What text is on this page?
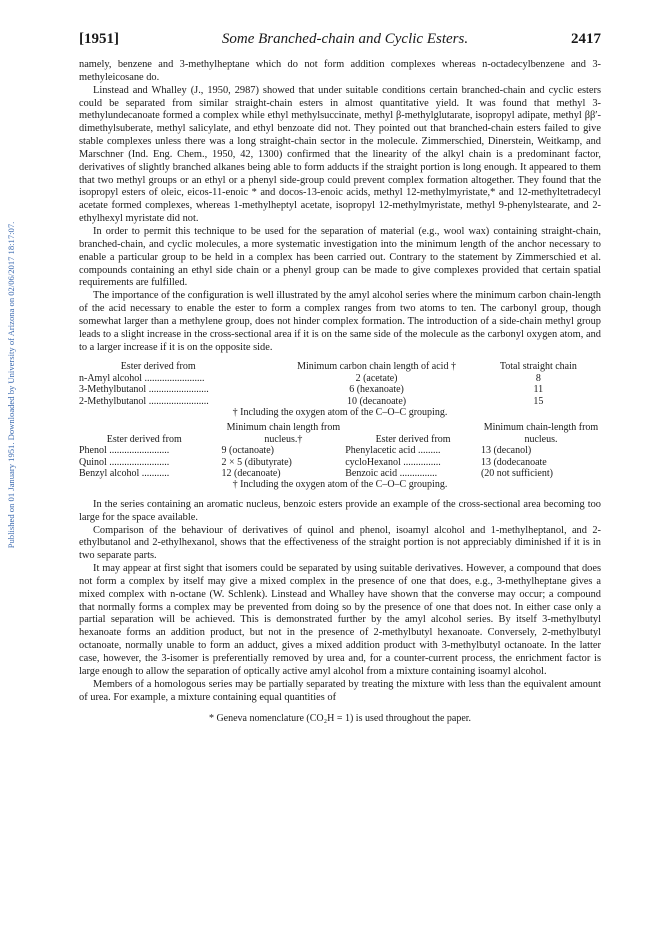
Published on 01 January 1951. Downloaded by University of Arizona on 02/06/2017 18:17:07.
[1951]	Some Branched-chain and Cyclic Esters.	2417

namely, benzene and 3-methylheptane which do not form addition complexes whereas n-octadecylbenzene and 3-methyleicosane do.

Linstead and Whalley (J., 1950, 2987) showed that under suitable conditions certain branched-chain and cyclic esters could be separated from similar straight-chain esters in almost quantitative yield. It was found that methyl 3-methylundecanoate formed a complex while ethyl methylsuccinate, methyl β-methylglutarate, isopropyl adipate, methyl ββ′-dimethylsuberate, methyl salicylate, and ethyl benzoate did not. They pointed out that branched-chain esters failed to give stable complexes unless there was a long straight-chain sector in the molecule. Zimmerschied, Dinerstein, Weitkamp, and Marschner (Ind. Eng. Chem., 1950, 42, 1300) confirmed that the linearity of the alkyl chain is a predominant factor, derivatives of slightly branched alkanes being able to form adducts if the straight portion is long enough. It appeared to them that two methyl groups or an ethyl or a phenyl side-group could prevent complex formation altogether. They found that the isopropyl esters of oleic, eicos-11-enoic * and docos-13-enoic acids, methyl 12-methylmyristate,* and 12-methyltetradecyl acetate formed complexes, whereas 1-methylheptyl acetate, isopropyl 12-methylmyristate, methyl 9-phenylstearate, and 2-ethylhexyl myristate did not.

In order to permit this technique to be used for the separation of material (e.g., wool wax) containing straight-chain, branched-chain, and cyclic molecules, a more systematic investigation into the minimum length of the anchor necessary to enable a particular group to be held in a complex has been carried out. Contrary to the statement by Zimmerschied et al. compounds containing an ethyl side chain or a phenyl group can be made to give complexes provided that certain spatial requirements are fulfilled.

The importance of the configuration is well illustrated by the amyl alcohol series where the minimum carbon chain-length of the acid necessary to enable the ester to form a complex ranges from two atoms to ten. The carbonyl group, though somewhat larger than a methylene group, does not hinder complex formation. The introduction of a side-chain methyl group leads to a slight increase in the cross-sectional area if it is on the same side of the molecule as the carbonyl oxygen atom, and to a larger increase if it is on the opposite side.

Ester derived from	Minimum carbon chain length of acid †	Total straight chain
n-Amyl alcohol ........................	2 (acetate)	8
3-Methylbutanol ........................	6 (hexanoate)	11
2-Methylbutanol ........................	10 (decanoate)	15
† Including the oxygen atom of the C–O–C grouping.
Ester derived from	Minimum chain length from nucleus.†	Ester derived from	Minimum chain-length from nucleus.
Phenol ........................	9 (octanoate)	Phenylacetic acid .........	13 (decanol)
Quinol ........................	2 × 5 (dibutyrate)	cycloHexanol ...............	13 (dodecanoate
Benzyl alcohol ...........	12 (decanoate)	Benzoic acid ...............	(20 not sufficient)
† Including the oxygen atom of the C–O–C grouping.

In the series containing an aromatic nucleus, benzoic esters provide an example of the cross-sectional area becoming too large for the space available.

Comparison of the behaviour of derivatives of quinol and phenol, isoamyl alcohol and 1-methylheptanol, and 2-ethylbutanol and 2-ethylhexanol, shows that the effectiveness of the straight portion is not appreciably diminished if it is in two separate parts.

It may appear at first sight that isomers could be separated by using suitable derivatives. However, a compound that does not form a complex by itself may give a mixed complex in the presence of one that does, e.g., 3-methylheptane gives a mixed complex with n-octane (W. Schlenk). Linstead and Whalley have shown that the converse may occur; a compound that normally forms a complex may be prevented from doing so by the presence of one that does not. In either case only a partial separation will be achieved. This is demonstrated further by the amyl alcohol series. By itself 3-methylbutyl hexanoate forms an addition product, but not in the presence of 2-methylbutyl hexanoate. Conversely, 2-methylbutyl octanoate, normally unable to form an adduct, gives a mixed addition product with 3-methylbutyl octanoate. In the latter case, however, the 3-isomer is preferentially removed by urea and, for a counter-current process, the enrichment factor is large enough to allow the separation of optically active amyl alcohol from a mixture containing isoamyl alcohol.

Members of a homologous series may be partially separated by treating the mixture with less than the equivalent amount of urea. For example, a mixture containing equal quantities of

* Geneva nomenclature (CO₂H = 1) is used throughout the paper.
